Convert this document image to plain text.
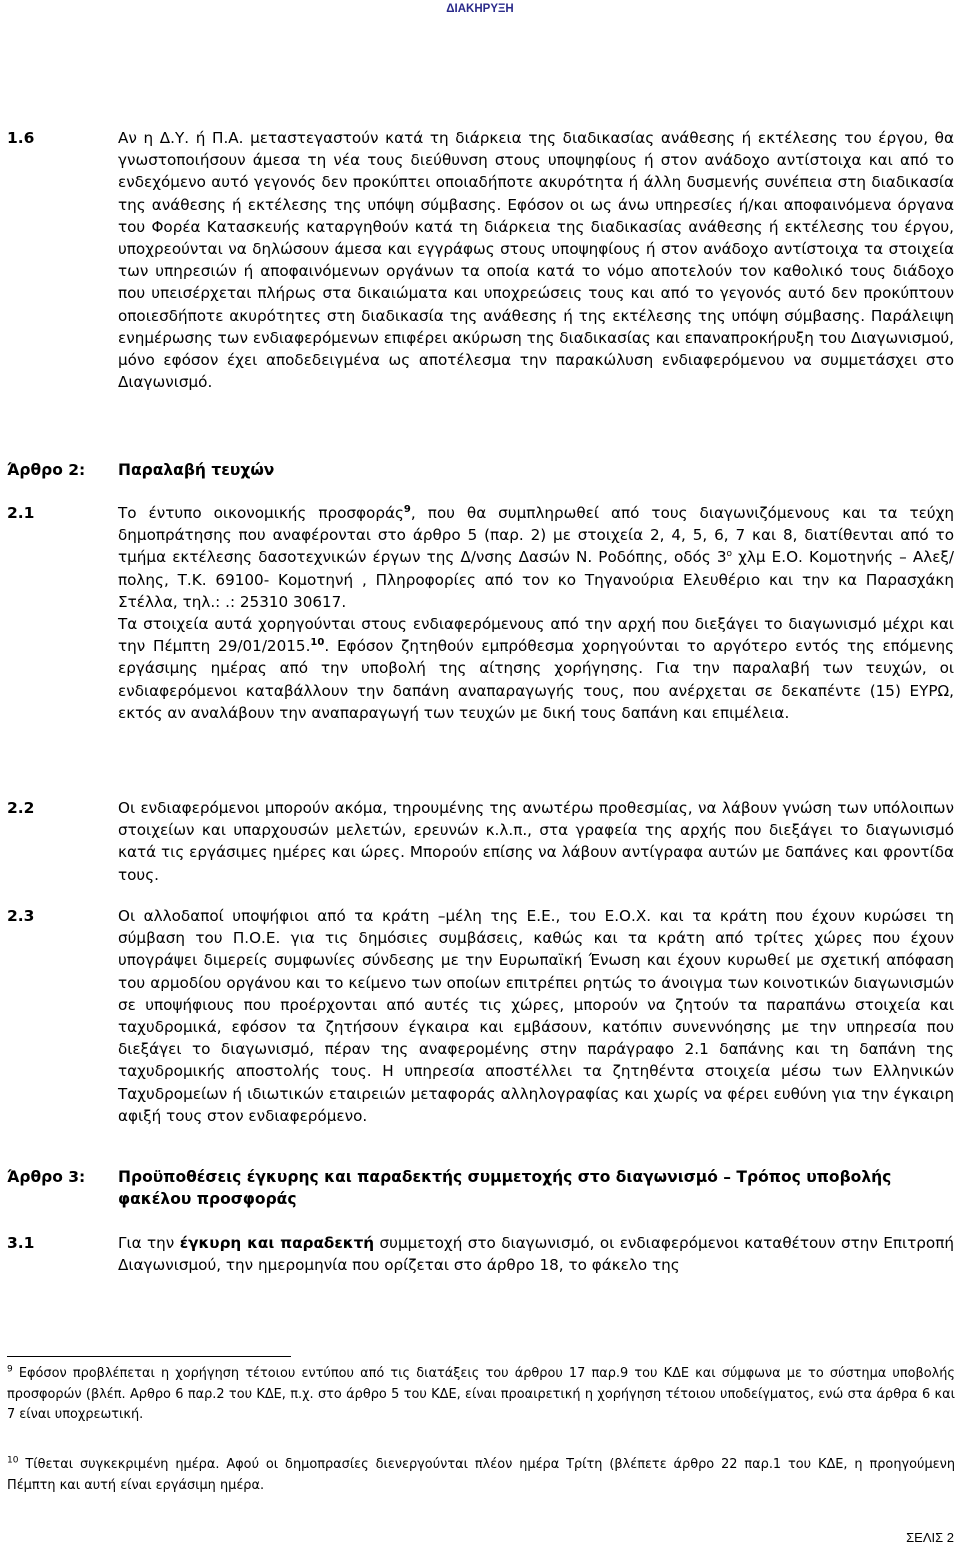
ΔΙΑΚΗΡΥΞΗ
1.6	Αν η Δ.Υ. ή Π.Α. μεταστεγαστούν κατά τη διάρκεια της διαδικασίας ανάθεσης ή εκτέλεσης του έργου, θα γνωστοποιήσουν άμεσα τη νέα τους διεύθυνση στους υποψηφίους ή στον ανάδοχο αντίστοιχα και από το ενδεχόμενο αυτό γεγονός δεν προκύπτει οποιαδήποτε ακυρότητα ή άλλη δυσμενής συνέπεια στη διαδικασία της ανάθεσης ή εκτέλεσης της υπόψη σύμβασης. Εφόσον οι ως άνω υπηρεσίες ή/και αποφαινόμενα όργανα του Φορέα Κατασκευής καταργηθούν κατά τη διάρκεια της διαδικασίας ανάθεσης ή εκτέλεσης του έργου, υποχρεούνται να δηλώσουν άμεσα και εγγράφως στους υποψηφίους ή στον ανάδοχο αντίστοιχα τα στοιχεία των υπηρεσιών ή αποφαινόμενων οργάνων τα οποία κατά το νόμο αποτελούν τον καθολικό τους διάδοχο που υπεισέρχεται πλήρως στα δικαιώματα και υποχρεώσεις τους και από το γεγονός αυτό δεν προκύπτουν οποιεσδήποτε ακυρότητες στη διαδικασία της ανάθεσης ή της εκτέλεσης της υπόψη σύμβασης. Παράλειψη ενημέρωσης των ενδιαφερόμενων επιφέρει ακύρωση της διαδικασίας και επαναπροκήρυξη του Διαγωνισμού, μόνο εφόσον έχει αποδεδειγμένα ως αποτέλεσμα την παρακώλυση ενδιαφερόμενου να συμμετάσχει στο Διαγωνισμό.

Άρθρο 2: Παραλαβή τευχών
2.1	Το έντυπο οικονομικής προσφοράς$^9$, που θα συμπληρωθεί από τους διαγωνιζόμενους και τα τεύχη δημοπράτησης που αναφέρονται στο άρθρο 5 (παρ. 2) με στοιχεία 2, 4, 5, 6, 7 και 8, διατίθενται από το τμήμα εκτέλεσης δασοτεχνικών έργων της Δ/νσης Δασών Ν. Ροδόπης, οδός $3^o$ χλμ Ε.Ο. Κομοτηνής – Αλεξ/πολης, Τ.Κ. 69100- Κομοτηνή , Πληροφορίες από τον κο Τηγανούρια Ελευθέριο και την κα Παρασχάκη Στέλλα, τηλ.: .: 25310 30617.

Τα στοιχεία αυτά χορηγούνται στους ενδιαφερόμενους από την αρχή που διεξάγει το διαγωνισμό μέχρι και την Πέμπτη 29/01/2015.10. Εφόσον ζητηθούν εμπρόθεσμα χορηγούνται το αργότερο εντός της επόμενης εργάσιμης ημέρας από την υποβολή της αίτησης χορήγησης. Για την παραλαβή των τευχών, οι ενδιαφερόμενοι καταβάλλουν την δαπάνη αναπαραγωγής τους, που ανέρχεται σε δεκαπέντε (15) ΕΥΡΩ, εκτός αν αναλάβουν την αναπαραγωγή των τευχών με δική τους δαπάνη και επιμέλεια.

2.2	Οι ενδιαφερόμενοι μπορούν ακόμα, τηρουμένης της ανωτέρω προθεσμίας, να λάβουν γνώση των υπόλοιπων στοιχείων και υπαρχουσών μελετών, ερευνών κ.λ.π., στα γραφεία της αρχής που διεξάγει το διαγωνισμό κατά τις εργάσιμες ημέρες και ώρες. Μπορούν επίσης να λάβουν αντίγραφα αυτών με δαπάνες και φροντίδα τους.

2.3	Οι αλλοδαποί υποψήφιοι από τα κράτη –μέλη της Ε.Ε., του Ε.Ο.Χ. και τα κράτη που έχουν κυρώσει τη σύμβαση του Π.Ο.Ε. για τις δημόσιες συμβάσεις, καθώς και τα κράτη από τρίτες χώρες που έχουν υπογράψει διμερείς συμφωνίες σύνδεσης με την Ευρωπαϊκή Ένωση και έχουν κυρωθεί με σχετική απόφαση του αρμοδίου οργάνου και το κείμενο των οποίων επιτρέπει ρητώς το άνοιγμα των κοινοτικών διαγωνισμών σε υποψήφιους που προέρχονται από αυτές τις χώρες, μπορούν να ζητούν τα παραπάνω στοιχεία και ταχυδρομικά, εφόσον τα ζητήσουν έγκαιρα και εμβάσουν, κατόπιν συνεννόησης με την υπηρεσία που διεξάγει το διαγωνισμό, πέραν της αναφερομένης στην παράγραφο 2.1 δαπάνης και τη δαπάνη της ταχυδρομικής αποστολής τους. Η υπηρεσία αποστέλλει τα ζητηθέντα στοιχεία μέσω των Ελληνικών Ταχυδρομείων ή ιδιωτικών εταιρειών μεταφοράς αλληλογραφίας και χωρίς να φέρει ευθύνη για την έγκαιρη αφιξή τους στον ενδιαφερόμενο.

Άρθρο 3: Προϋποθέσεις έγκυρης και παραδεκτής συμμετοχής στο διαγωνισμό – Τρόπος υποβολής φακέλου προσφοράς
3.1	Για την έγκυρη και παραδεκτή συμμετοχή στο διαγωνισμό, οι ενδιαφερόμενοι καταθέτουν στην Επιτροπή Διαγωνισμού, την ημερομηνία που ορίζεται στο άρθρο 18, το φάκελο της

$^9$ Εφόσον προβλέπεται η χορήγηση τέτοιου εντύπου από τις διατάξεις του άρθρου 17 παρ.9 του ΚΔΕ και σύμφωνα με το σύστημα υποβολής προσφορών (βλέπ. Αρθρο 6 παρ.2 του ΚΔΕ, π.χ. στο άρθρο 5 του ΚΔΕ, είναι προαιρετική η χορήγηση τέτοιου υποδείγματος, ενώ στα άρθρα 6 και 7 είναι υποχρεωτική.
$^{10}$ Τίθεται συγκεκριμένη ημέρα. Αφού οι δημοπρασίες διενεργούνται πλέον ημέρα Τρίτη (βλέπετε άρθρο 22 παρ.1 του ΚΔΕ, η προηγούμενη Πέμπτη και αυτή είναι εργάσιμη ημέρα.
ΣΕΛΙΣ 2
